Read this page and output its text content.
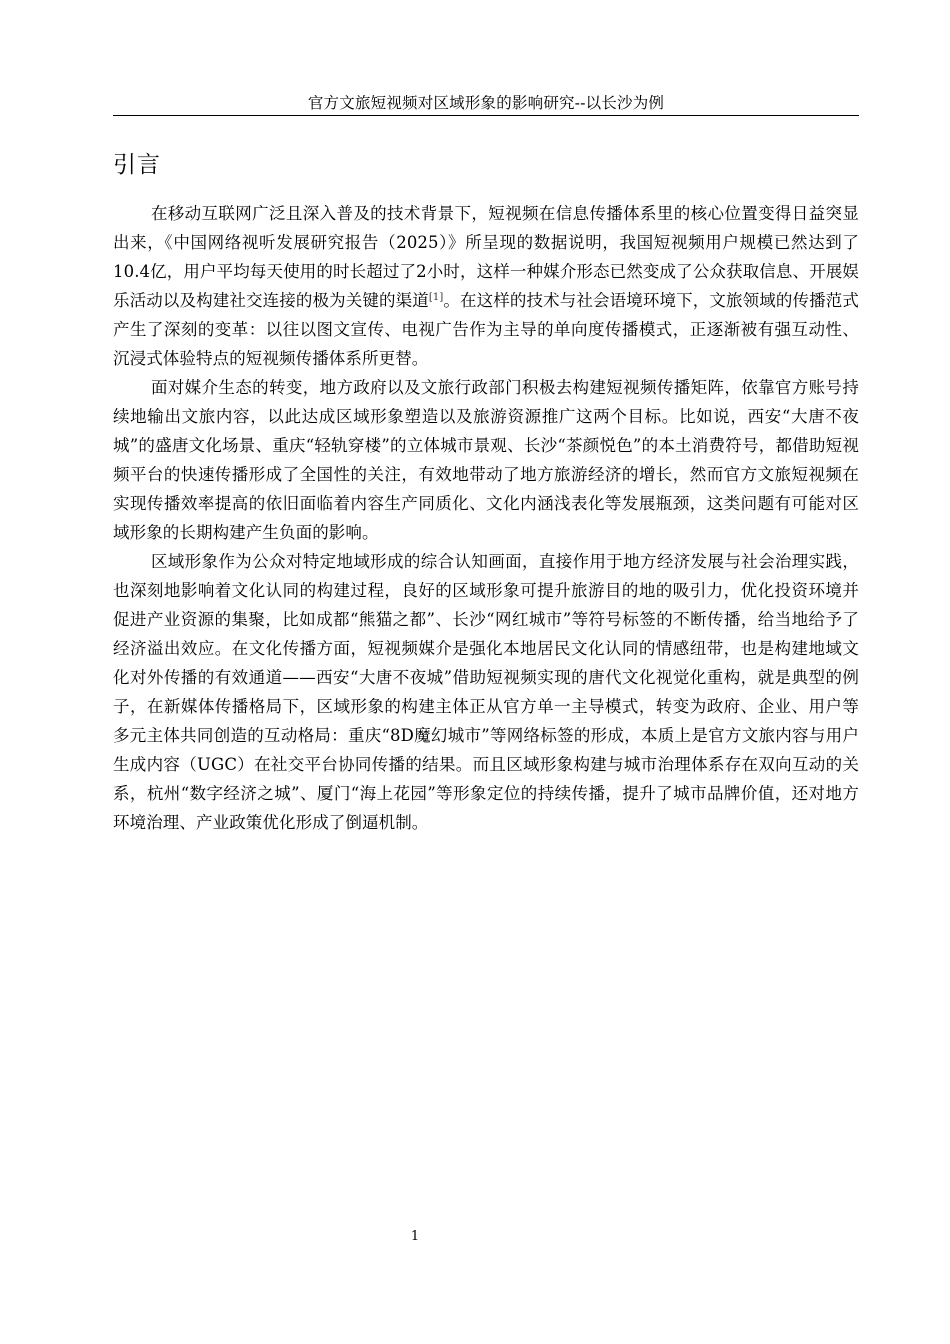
官方文旅短视频对区域形象的影响研究--以长沙为例
引言

在移动互联网广泛且深入普及的技术背景下，短视频在信息传播体系里的核心位置变得日益突显出来，《中国网络视听发展研究报告（2025）》所呈现的数据说明，我国短视频用户规模已然达到了10.4亿，用户平均每天使用的时长超过了2小时，这样一种媒介形态已然变成了公众获取信息、开展娱乐活动以及构建社交连接的极为关键的渠道[1]。在这样的技术与社会语境环境下，文旅领域的传播范式产生了深刻的变革：以往以图文宣传、电视广告作为主导的单向度传播模式，正逐渐被有强互动性、沉浸式体验特点的短视频传播体系所更替。

面对媒介生态的转变，地方政府以及文旅行政部门积极去构建短视频传播矩阵，依靠官方账号持续地输出文旅内容，以此达成区域形象塑造以及旅游资源推广这两个目标。比如说，西安“大唐不夜城”的盛唐文化场景、重庆“轻轨穿楼”的立体城市景观、长沙“茶颜悦色”的本土消费符号，都借助短视频平台的快速传播形成了全国性的关注，有效地带动了地方旅游经济的增长，然而官方文旅短视频在实现传播效率提高的依旧面临着内容生产同质化、文化内涵浅表化等发展瓶颈，这类问题有可能对区域形象的长期构建产生负面的影响。

区域形象作为公众对特定地域形成的综合认知画面，直接作用于地方经济发展与社会治理实践，也深刻地影响着文化认同的构建过程，良好的区域形象可提升旅游目的地的吸引力，优化投资环境并促进产业资源的集聚，比如成都“熊猫之都”、长沙“网红城市”等符号标签的不断传播，给当地给予了经济溢出效应。在文化传播方面，短视频媒介是强化本地居民文化认同的情感纽带，也是构建地域文化对外传播的有效通道——西安“大唐不夜城”借助短视频实现的唐代文化视觉化重构，就是典型的例子，在新媒体传播格局下，区域形象的构建主体正从官方单一主导模式，转变为政府、企业、用户等多元主体共同创造的互动格局：重庆“8D魔幻城市”等网络标签的形成，本质上是官方文旅内容与用户生成内容（UGC）在社交平台协同传播的结果。而且区域形象构建与城市治理体系存在双向互动的关系，杭州“数字经济之城”、厦门“海上花园”等形象定位的持续传播，提升了城市品牌价值，还对地方环境治理、产业政策优化形成了倒逼机制。

1
